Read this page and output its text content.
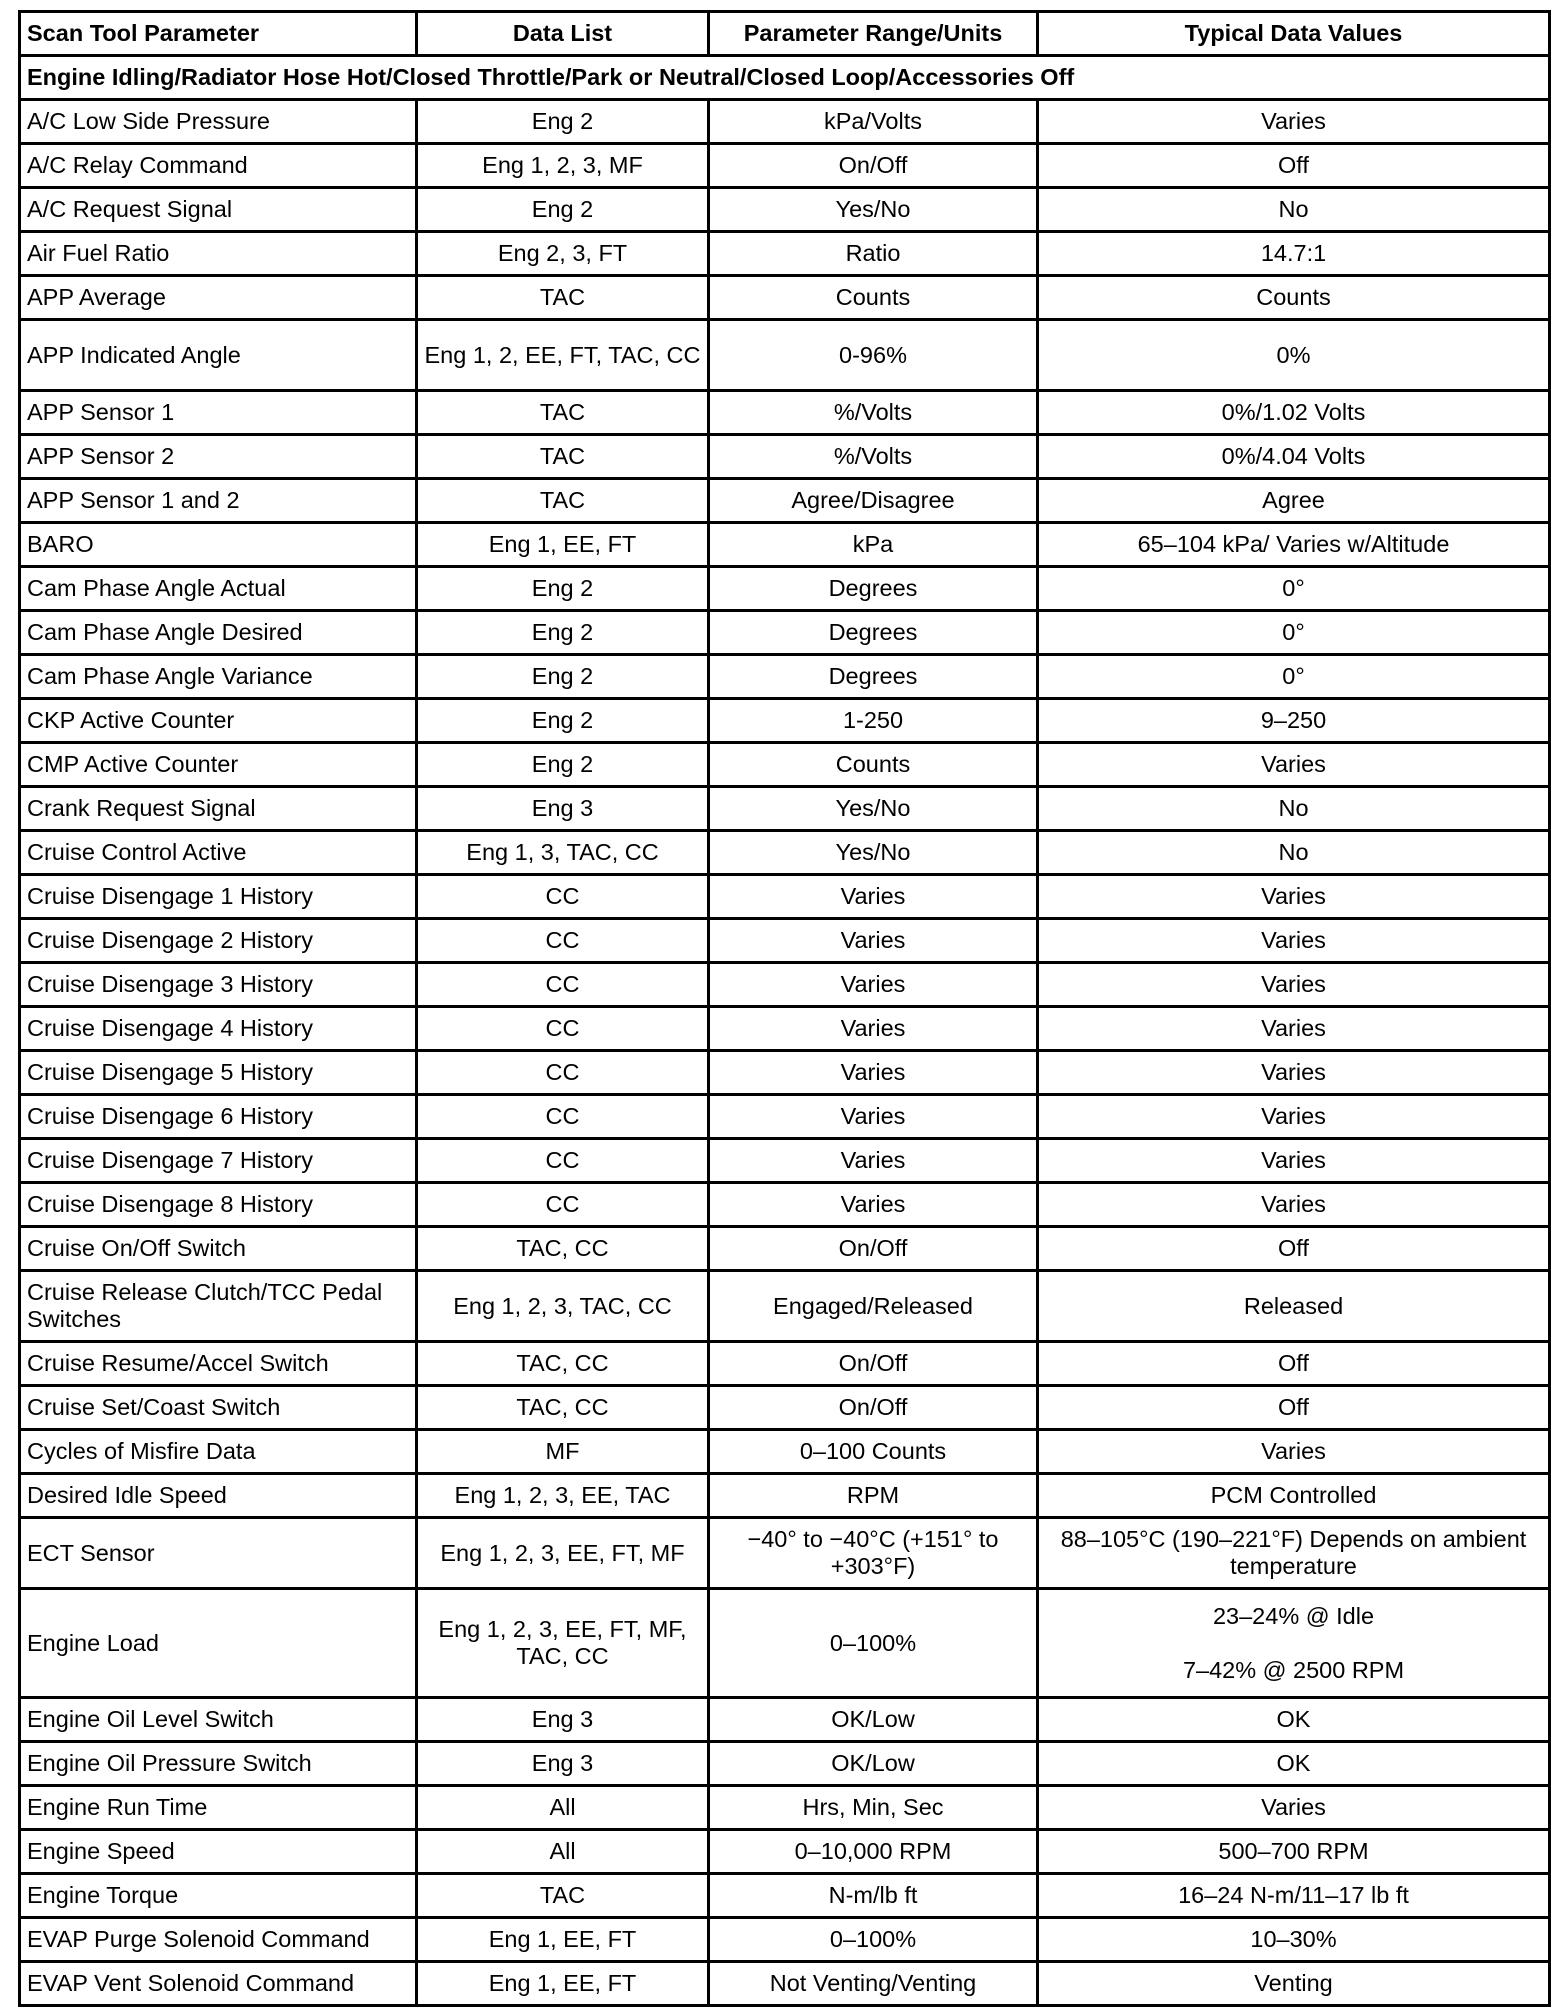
Scan Tool Parameter	Data List	Parameter Range/Units	Typical Data Values
Engine Idling/Radiator Hose Hot/Closed Throttle/Park or Neutral/Closed Loop/Accessories Off			
A/C Low Side Pressure	Eng 2	kPa/Volts	Varies
A/C Relay Command	Eng 1, 2, 3, MF	On/Off	Off
A/C Request Signal	Eng 2	Yes/No	No
Air Fuel Ratio	Eng 2, 3, FT	Ratio	14.7:1
APP Average	TAC	Counts	Counts
APP Indicated Angle	Eng 1, 2, EE, FT, TAC, CC	0-96%	0%
APP Sensor 1	TAC	%/Volts	0%/1.02 Volts
APP Sensor 2	TAC	%/Volts	0%/4.04 Volts
APP Sensor 1 and 2	TAC	Agree/Disagree	Agree
BARO	Eng 1, EE, FT	kPa	65–104 kPa/ Varies w/Altitude
Cam Phase Angle Actual	Eng 2	Degrees	0°
Cam Phase Angle Desired	Eng 2	Degrees	0°
Cam Phase Angle Variance	Eng 2	Degrees	0°
CKP Active Counter	Eng 2	1-250	9–250
CMP Active Counter	Eng 2	Counts	Varies
Crank Request Signal	Eng 3	Yes/No	No
Cruise Control Active	Eng 1, 3, TAC, CC	Yes/No	No
Cruise Disengage 1 History	CC	Varies	Varies
Cruise Disengage 2 History	CC	Varies	Varies
Cruise Disengage 3 History	CC	Varies	Varies
Cruise Disengage 4 History	CC	Varies	Varies
Cruise Disengage 5 History	CC	Varies	Varies
Cruise Disengage 6 History	CC	Varies	Varies
Cruise Disengage 7 History	CC	Varies	Varies
Cruise Disengage 8 History	CC	Varies	Varies
Cruise On/Off Switch	TAC, CC	On/Off	Off
Cruise Release Clutch/TCC Pedal Switches	Eng 1, 2, 3, TAC, CC	Engaged/Released	Released
Cruise Resume/Accel Switch	TAC, CC	On/Off	Off
Cruise Set/Coast Switch	TAC, CC	On/Off	Off
Cycles of Misfire Data	MF	0–100 Counts	Varies
Desired Idle Speed	Eng 1, 2, 3, EE, TAC	RPM	PCM Controlled
ECT Sensor	Eng 1, 2, 3, EE, FT, MF	−40° to −40°C (+151° to +303°F)	88–105°C (190–221°F) Depends on ambient temperature
Engine Load	Eng 1, 2, 3, EE, FT, MF, TAC, CC	0–100%	23–24% @ Idle

7–42% @ 2500 RPM
Engine Oil Level Switch	Eng 3	OK/Low	OK
Engine Oil Pressure Switch	Eng 3	OK/Low	OK
Engine Run Time	All	Hrs, Min, Sec	Varies
Engine Speed	All	0–10,000 RPM	500–700 RPM
Engine Torque	TAC	N-m/lb ft	16–24 N-m/11–17 lb ft
EVAP Purge Solenoid Command	Eng 1, EE, FT	0–100%	10–30%
EVAP Vent Solenoid Command	Eng 1, EE, FT	Not Venting/Venting	Venting
